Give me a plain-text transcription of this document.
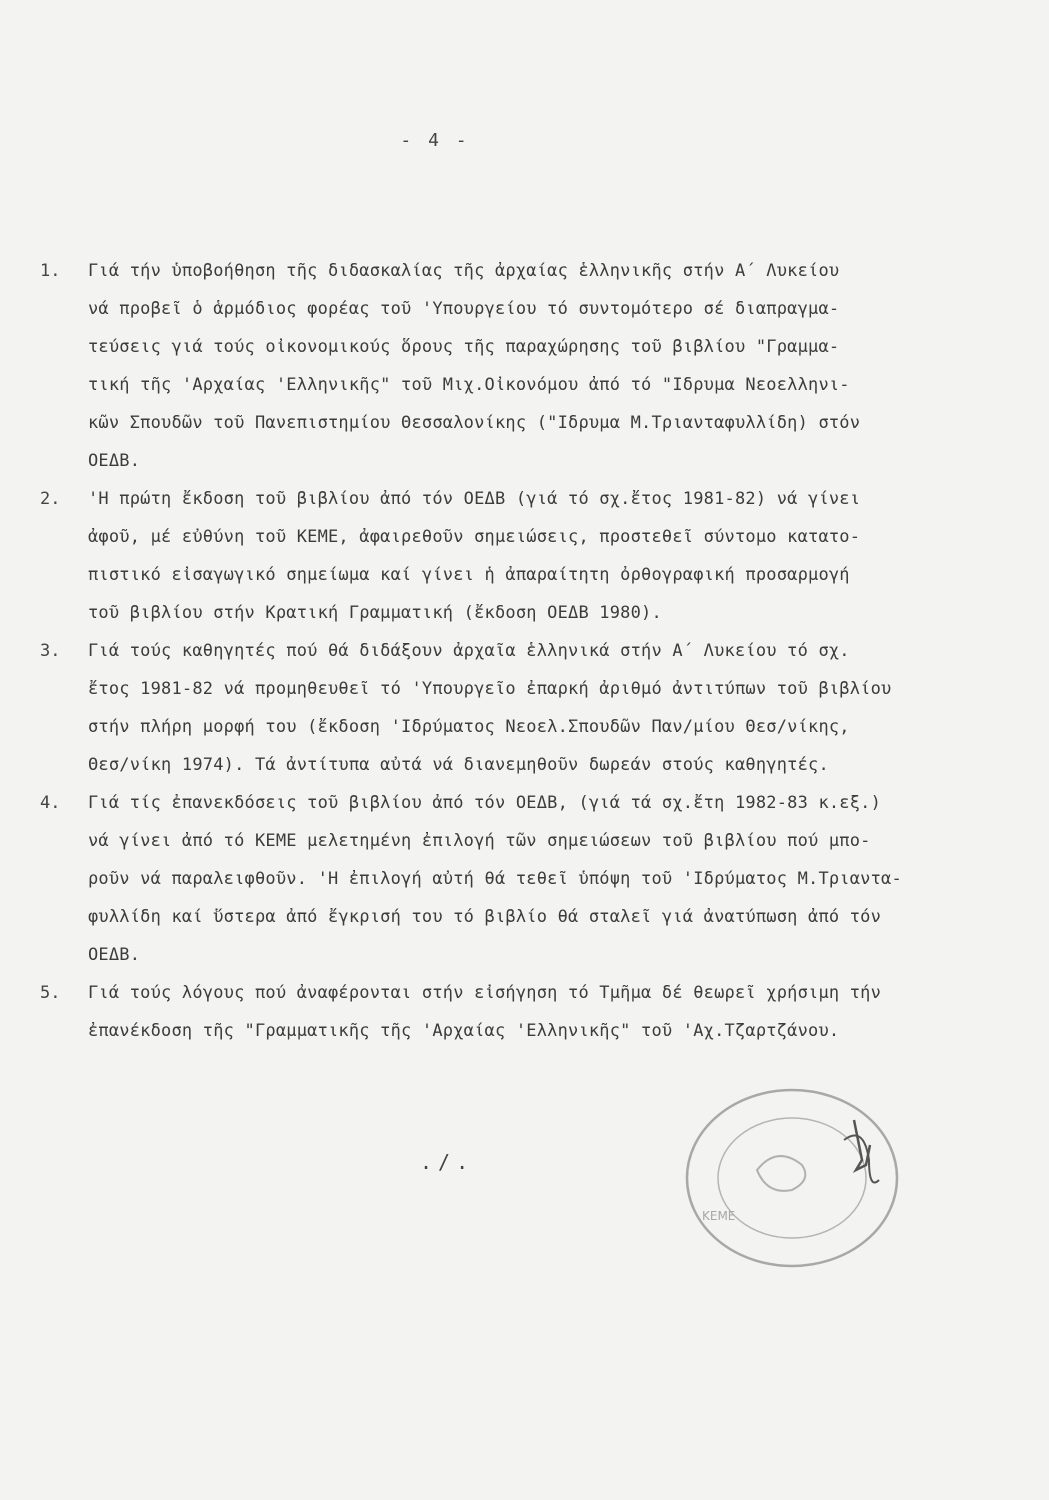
- 4 -
1.	Γιά τήν ὑποβοήθηση τῆς διδασκαλίας τῆς ἀρχαίας ἑλληνικῆς στήν Α΄ Λυκείου
νά προβεῖ ὁ ἁρμόδιος φορέας τοῦ 'Υπουργείου τό συντομότερο σέ διαπραγμα-
τεύσεις γιά τούς οἰκονομικούς ὅρους τῆς παραχώρησης τοῦ βιβλίου "Γραμμα-
τική τῆς 'Αρχαίας 'Ελληνικῆς" τοῦ Μιχ.Οἰκονόμου ἀπό τό "Ιδρυμα Νεοελληνι-
κῶν Σπουδῶν τοῦ Πανεπιστημίου Θεσσαλονίκης ("Ιδρυμα Μ.Τριανταφυλλίδη) στόν
ΟΕΔΒ.
2.	'Η πρώτη ἔκδοση τοῦ βιβλίου ἀπό τόν ΟΕΔΒ (γιά τό σχ.ἔτος 1981-82) νά γίνει
ἀφοῦ, μέ εὐθύνη τοῦ ΚΕΜΕ, ἀφαιρεθοῦν σημειώσεις, προστεθεῖ σύντομο κατατο-
πιστικό εἰσαγωγικό σημείωμα καί γίνει ἡ ἀπαραίτητη ὀρθογραφική προσαρμογή
τοῦ βιβλίου στήν Κρατική Γραμματική (ἔκδοση ΟΕΔΒ 1980).
3.	Γιά τούς καθηγητές πού θά διδάξουν ἀρχαῖα ἑλληνικά στήν Α΄ Λυκείου τό σχ.
ἔτος 1981-82 νά προμηθευθεῖ τό 'Υπουργεῖο ἐπαρκή ἀριθμό ἀντιτύπων τοῦ βιβλίου
στήν πλήρη μορφή του (ἔκδοση 'Ιδρύματος Νεοελ.Σπουδῶν Παν/μίου Θεσ/νίκης,
Θεσ/νίκη 1974). Τά ἀντίτυπα αὐτά νά διανεμηθοῦν δωρεάν στούς καθηγητές.
4.	Γιά τίς ἐπανεκδόσεις τοῦ βιβλίου ἀπό τόν ΟΕΔΒ, (γιά τά σχ.ἔτη 1982-83 κ.εξ.)
νά γίνει ἀπό τό ΚΕΜΕ μελετημένη ἐπιλογή τῶν σημειώσεων τοῦ βιβλίου πού μπο-
ροῦν νά παραλειφθοῦν. 'Η ἐπιλογή αὐτή θά τεθεῖ ὑπόψη τοῦ 'Ιδρύματος Μ.Τριαντα-
φυλλίδη καί ὕστερα ἀπό ἔγκρισή του τό βιβλίο θά σταλεῖ γιά ἀνατύπωση ἀπό τόν
ΟΕΔΒ.
5.	Γιά τούς λόγους πού ἀναφέρονται στήν εἰσήγηση τό Τμῆμα δέ θεωρεῖ χρήσιμη τήν
ἐπανέκδοση τῆς "Γραμματικῆς τῆς 'Αρχαίας 'Ελληνικῆς" τοῦ 'Αχ.Τζαρτζάνου.
./.
ΚΕΜΕ
